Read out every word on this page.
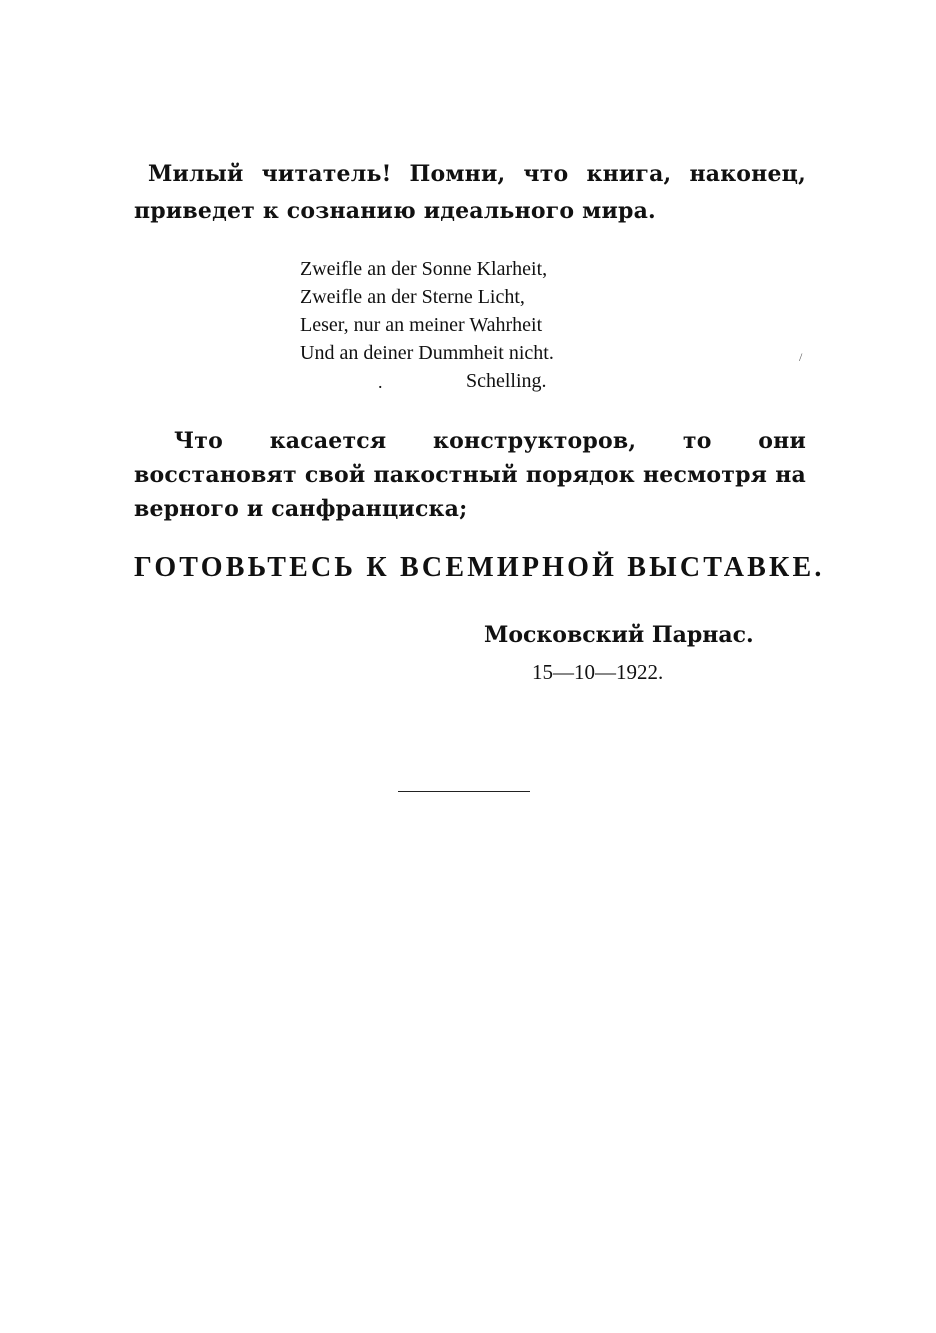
Милый читатель! Помни, что книга, наконец, приведет к сознанию идеального мира.

Zweifle an der Sonne Klarheit,
Zweifle an der Sterne Licht,
Leser, nur an meiner Wahrheit
Und an deiner Dummheit nicht.
Schelling.
.
/

Что касается конструкторов, то они восстановят свой пакостный порядок несмотря на верного и санфранциска;

ГОТОВЬТЕСЬ К ВСЕМИРНОЙ ВЫСТАВКЕ.
Московский Парнас.
15—10—1922.
